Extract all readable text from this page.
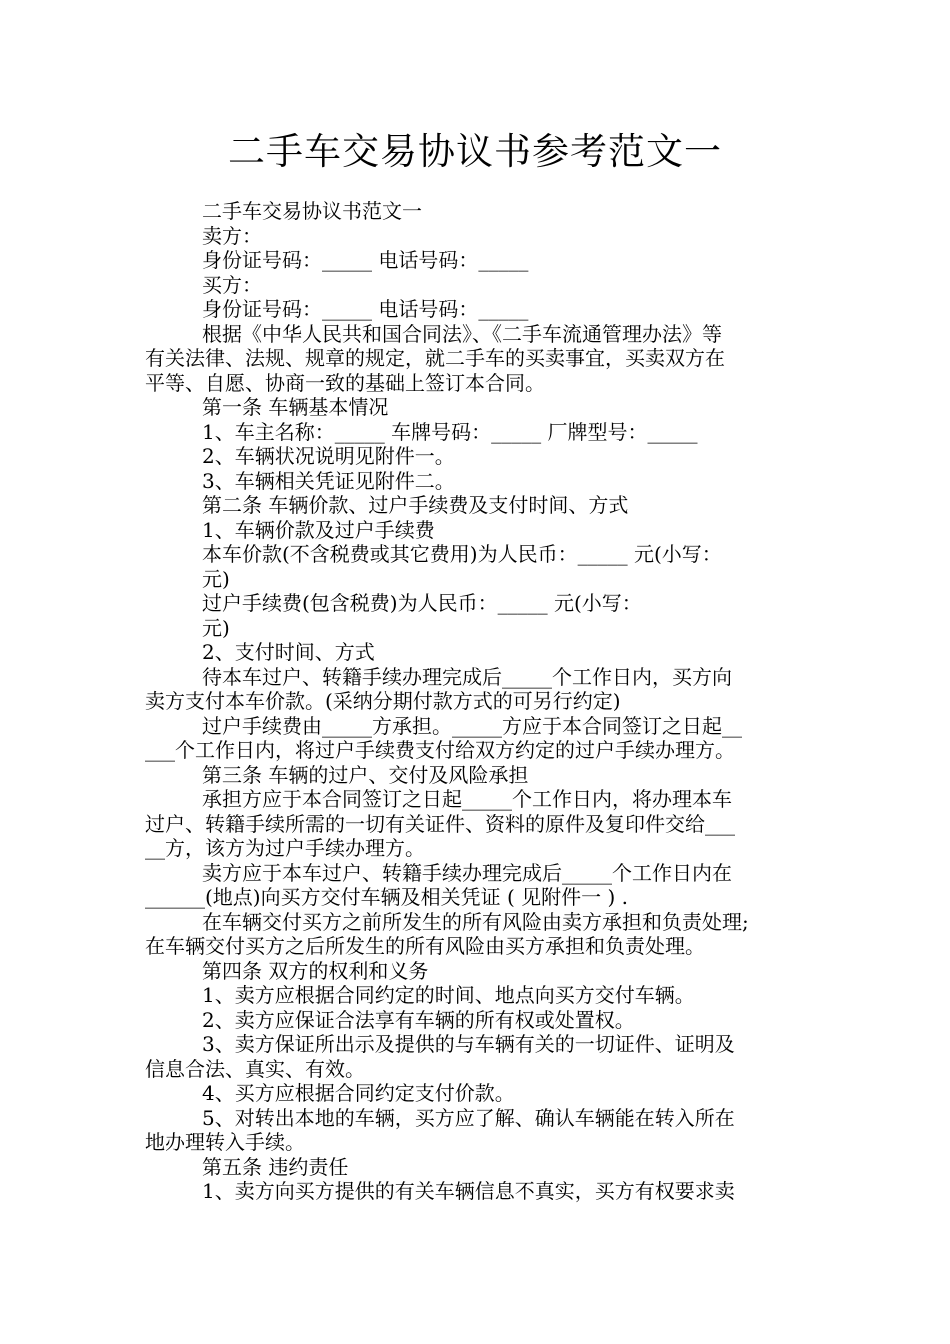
二手车交易协议书参考范文一

二手车交易协议书范文一

卖方：

身份证号码：_____ 电话号码：_____

买方：

身份证号码：_____ 电话号码：_____

根据《中华人民共和国合同法》、《二手车流通管理办法》等

有关法律、法规、规章的规定，就二手车的买卖事宜，买卖双方在

平等、自愿、协商一致的基础上签订本合同。

第一条 车辆基本情况

1、车主名称：_____ 车牌号码：_____ 厂牌型号：_____

2、车辆状况说明见附件一。

3、车辆相关凭证见附件二。

第二条 车辆价款、过户手续费及支付时间、方式

1、车辆价款及过户手续费

本车价款(不含税费或其它费用)为人民币：_____ 元(小写：

元)

过户手续费(包含税费)为人民币：_____ 元(小写：

元)

2、支付时间、方式

待本车过户、转籍手续办理完成后_____个工作日内，买方向

卖方支付本车价款。(采纳分期付款方式的可另行约定)

过户手续费由_____方承担。_____方应于本合同签订之日起__

___个工作日内，将过户手续费支付给双方约定的过户手续办理方。

第三条 车辆的过户、交付及风险承担

承担方应于本合同签订之日起_____个工作日内，将办理本车

过户、转籍手续所需的一切有关证件、资料的原件及复印件交给___

__方，该方为过户手续办理方。

卖方应于本车过户、转籍手续办理完成后_____个工作日内在

______(地点)向买方交付车辆及相关凭证 ( 见附件一 ) .

在车辆交付买方之前所发生的所有风险由卖方承担和负责处理;

在车辆交付买方之后所发生的所有风险由买方承担和负责处理。

第四条 双方的权利和义务

1、卖方应根据合同约定的时间、地点向买方交付车辆。

2、卖方应保证合法享有车辆的所有权或处置权。

3、卖方保证所出示及提供的与车辆有关的一切证件、证明及

信息合法、真实、有效。

4、买方应根据合同约定支付价款。

5、对转出本地的车辆，买方应了解、确认车辆能在转入所在

地办理转入手续。

第五条 违约责任

1、卖方向买方提供的有关车辆信息不真实，买方有权要求卖
